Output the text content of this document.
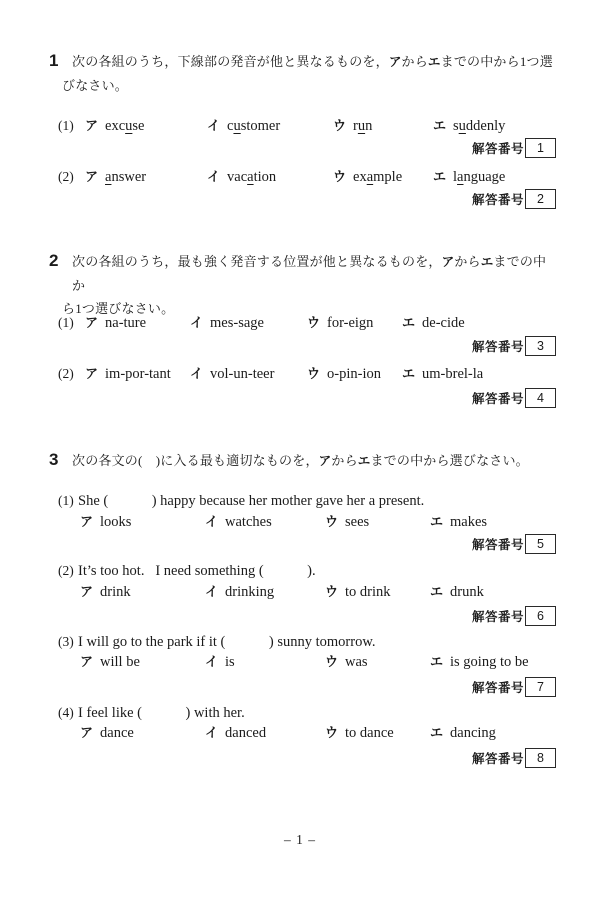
1 次の各組のうち，下線部の発音が他と異なるものを，アからエまでの中から1つ選
びなさい。
(1) ア excuse	イ customer	ウ run	エ suddenly
解答番号	1
(2) ア answer	イ vacation	ウ example エ language
解答番号	2
2 次の各組のうち，最も強く発音する位置が他と異なるものを，アからエまでの中か
ら1つ選びなさい。
(1) ア na-ture	イ mes-sage	ウ for-eign エ de-cide
解答番号	3
(2) ア im-por-tant イ vol-un-teer	ウ o-pin-ion エ um-brel-la
解答番号	4
3 次の各文の(　)に入る最も適切なものを，アからエまでの中から選びなさい。
(1) She (            ) happy because her mother gave her a present.
ア looks	イ watches	ウ sees	エ makes
解答番号	5
(2) It’s too hot.   I need something (            ).
ア drink	イ drinking	ウ to drink	エ drunk
解答番号	6
(3) I will go to the park if it (            ) sunny tomorrow.
ア will be	イ is	ウ was	エ is going to be
解答番号	7
(4) I feel like (            ) with her.
ア dance	イ danced	ウ to dance	エ dancing
解答番号	8
– 1 –
